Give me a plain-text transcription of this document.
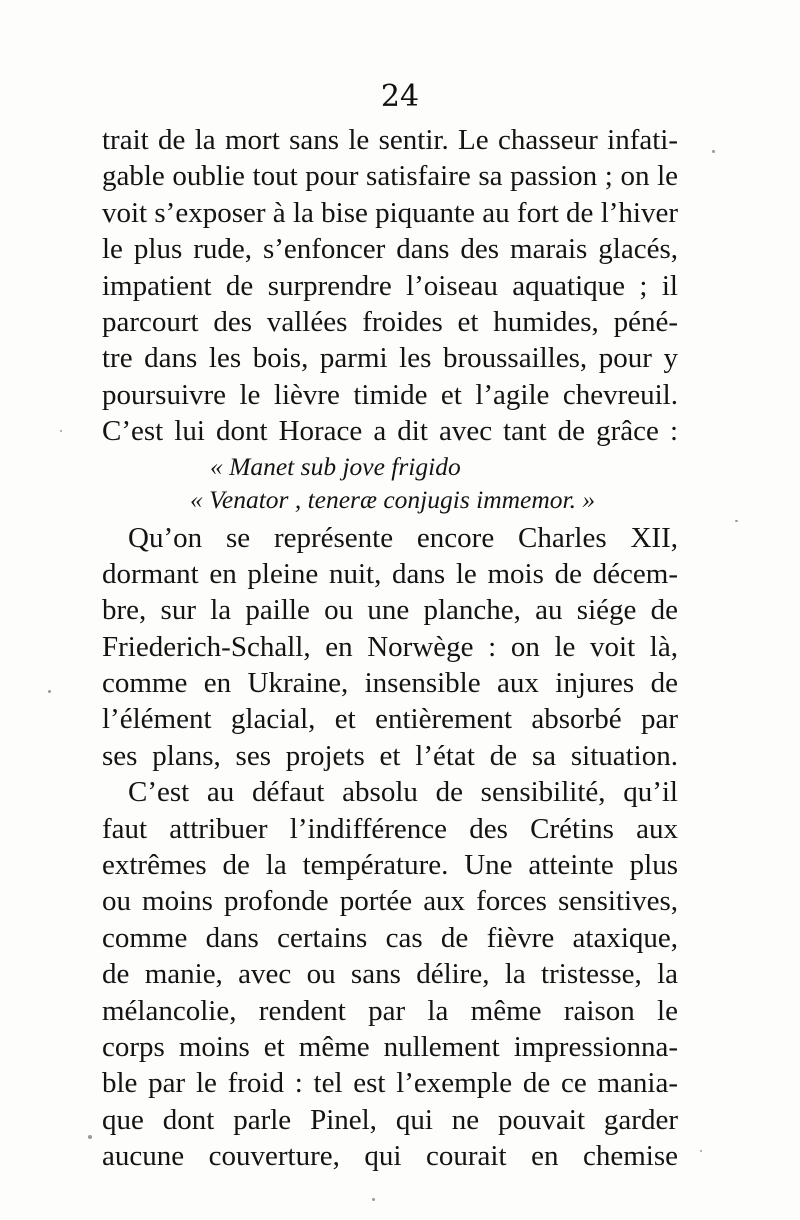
24
trait de la mort sans le sentir. Le chasseur infati-
gable oublie tout pour satisfaire sa passion ; on le
voit s’exposer à la bise piquante au fort de l’hiver
le plus rude, s’enfoncer dans des marais glacés,
impatient de surprendre l’oiseau aquatique ; il
parcourt des vallées froides et humides, péné-
tre dans les bois, parmi les broussailles, pour y
poursuivre le lièvre timide et l’agile chevreuil.
C’est lui dont Horace a dit avec tant de grâce :
« Manet sub jove frigido
« Venator , teneræ conjugis immemor. »
Qu’on se représente encore Charles XII,
dormant en pleine nuit, dans le mois de décem-
bre, sur la paille ou une planche, au siége de
Friederich-Schall, en Norwège : on le voit là,
comme en Ukraine, insensible aux injures de
l’élément glacial, et entièrement absorbé par
ses plans, ses projets et l’état de sa situation.
C’est au défaut absolu de sensibilité, qu’il
faut attribuer l’indifférence des Crétins aux
extrêmes de la température. Une atteinte plus
ou moins profonde portée aux forces sensitives,
comme dans certains cas de fièvre ataxique,
de manie, avec ou sans délire, la tristesse, la
mélancolie, rendent par la même raison le
corps moins et même nullement impressionna-
ble par le froid : tel est l’exemple de ce mania-
que dont parle Pinel, qui ne pouvait garder
aucune couverture, qui courait en chemise
